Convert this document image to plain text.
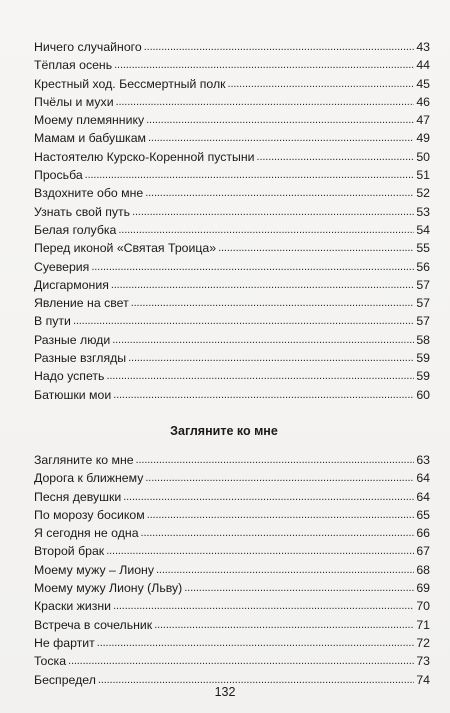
Ничего случайного . . .	43
Тёплая осень . . .	44
Крестный ход. Бессмертный полк . . .	45
Пчёлы и мухи . . .	46
Моему племяннику . . .	47
Мамам и бабушкам . . .	49
Настоятелю Курско-Коренной пустыни . . .	50
Просьба . . .	51
Вздохните обо мне . . .	52
Узнать свой путь . . .	53
Белая голубка . . .	54
Перед иконой «Святая Троица» . . .	55
Суеверия . . .	56
Дисгармония . . .	57
Явление на свет . . .	57
В пути . . .	57
Разные люди . . .	58
Разные взгляды . . .	59
Надо успеть . . .	59
Батюшки мои . . .	60
Загляните ко мне
Загляните ко мне . . .	63
Дорога к ближнему . . .	64
Песня девушки . . .	64
По морозу босиком . . .	65
Я сегодня не одна . . .	66
Второй брак . . .	67
Моему мужу – Лиону . . .	68
Моему мужу Лиону (Льву) . . .	69
Краски жизни . . .	70
Встреча в сочельник . . .	71
Не фартит . . .	72
Тоска . . .	73
Беспредел . . .	74
132
